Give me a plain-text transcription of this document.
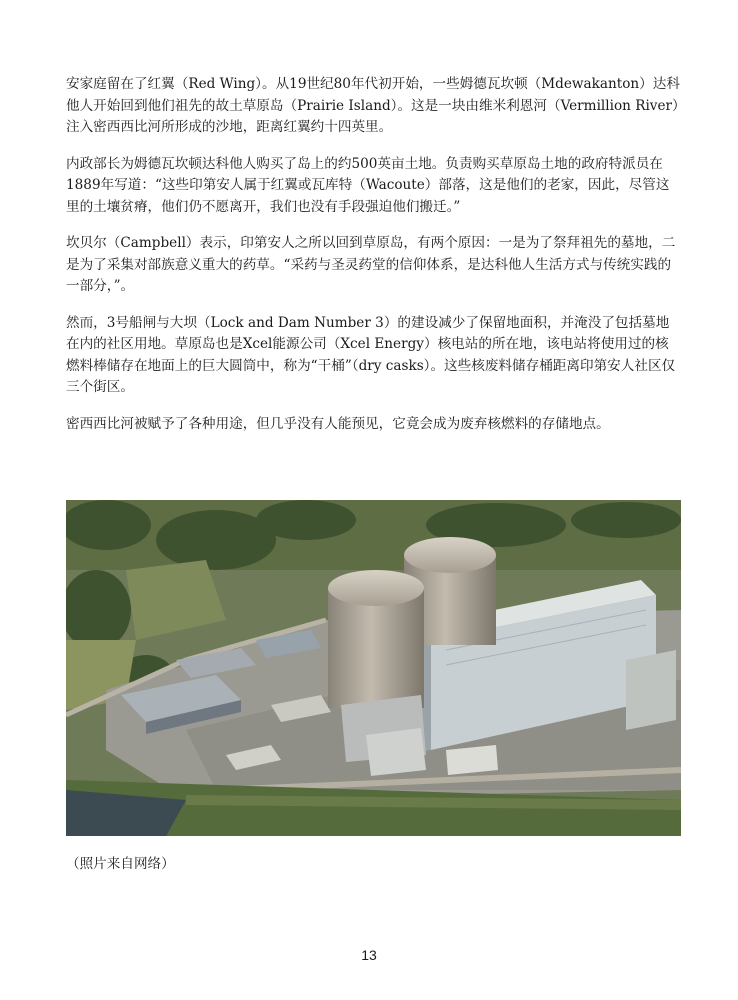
安家庭留在了红翼（Red Wing）。从19世纪80年代初开始，一些姆德瓦坎顿（Mdewakanton）达科他人开始回到他们祖先的故土草原岛（Prairie Island）。这是一块由维米利恩河（Vermillion River）注入密西西比河所形成的沙地，距离红翼约十四英里。

内政部长为姆德瓦坎顿达科他人购买了岛上的约500英亩土地。负责购买草原岛土地的政府特派员在1889年写道：“这些印第安人属于红翼或瓦库特（Wacoute）部落，这是他们的老家，因此，尽管这里的土壤贫瘠，他们仍不愿离开，我们也没有手段强迫他们搬迁。”

坎贝尔（Campbell）表示，印第安人之所以回到草原岛，有两个原因：一是为了祭拜祖先的墓地，二是为了采集对部族意义重大的药草。“采药与圣灵药堂的信仰体系，是达科他人生活方式与传统实践的一部分，”。

然而，3号船闸与大坝（Lock and Dam Number 3）的建设减少了保留地面积，并淹没了包括墓地在内的社区用地。草原岛也是Xcel能源公司（Xcel Energy）核电站的所在地，该电站将使用过的核燃料棒储存在地面上的巨大圆筒中，称为“干桶”（dry casks）。这些核废料储存桶距离印第安人社区仅三个街区。

密西西比河被赋予了各种用途，但几乎没有人能预见，它竟会成为废弃核燃料的存储地点。

（照片来自网络）
13
